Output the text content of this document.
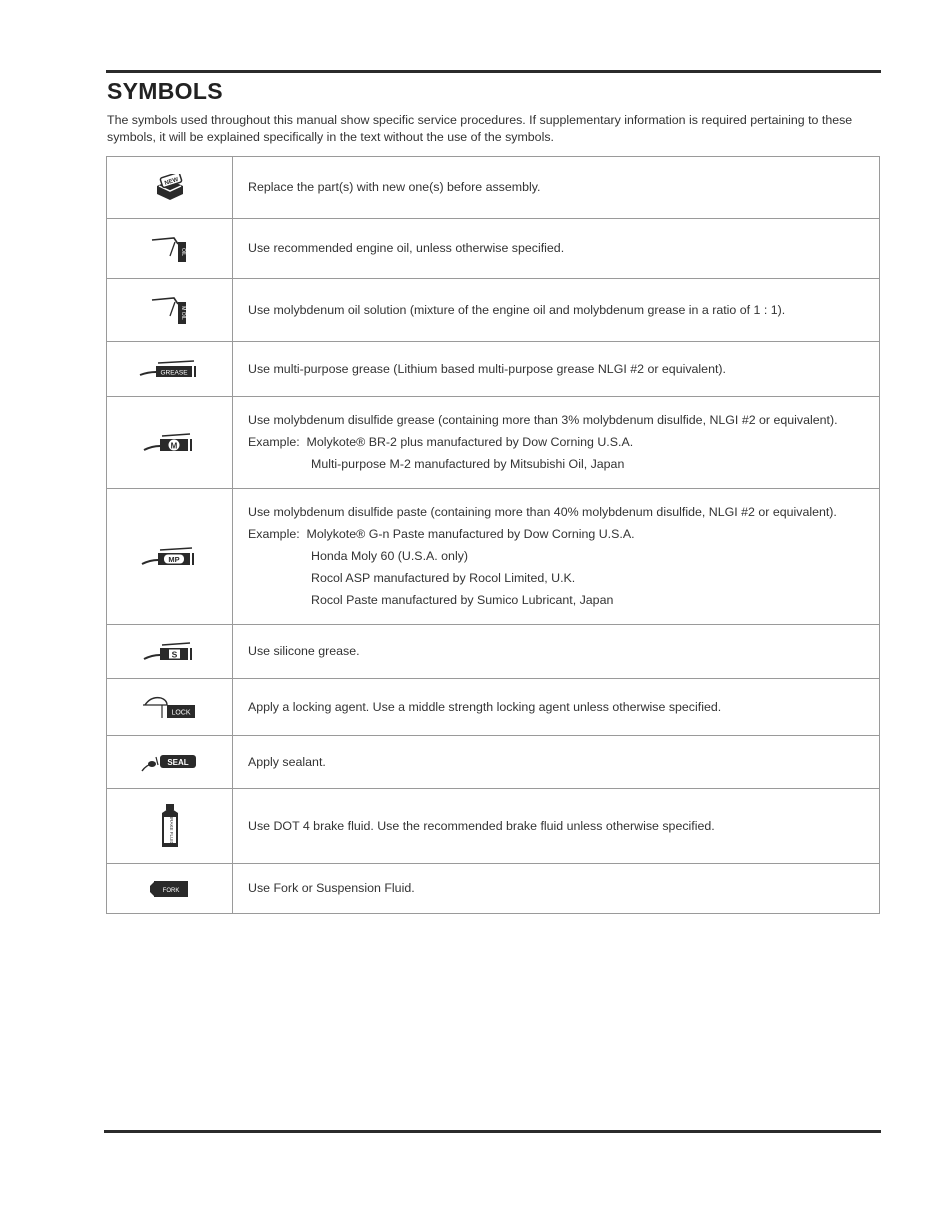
SYMBOLS

The symbols used throughout this manual show specific service procedures. If supplementary information is required pertaining to these symbols, it will be explained specifically in the text without the use of the symbols.

NEW	Replace the part(s) with new one(s) before assembly.

OIL	Use recommended engine oil, unless otherwise specified.

M OIL	Use molybdenum oil solution (mixture of the engine oil and molybdenum grease in a ratio of 1 : 1).

GREASE	Use multi-purpose grease (Lithium based multi-purpose grease NLGI #2 or equivalent).

M	Use molybdenum disulfide grease (containing more than 3% molybdenum disulfide, NLGI #2 or equivalent).

Example: Molykote® BR-2 plus manufactured by Dow Corning U.S.A.

Multi-purpose M-2 manufactured by Mitsubishi Oil, Japan

MP	Use molybdenum disulfide paste (containing more than 40% molybdenum disulfide, NLGI #2 or equivalent).

Example: Molykote® G-n Paste manufactured by Dow Corning U.S.A.

Honda Moly 60 (U.S.A. only)

Rocol ASP manufactured by Rocol Limited, U.K.

Rocol Paste manufactured by Sumico Lubricant, Japan

S	Use silicone grease.

LOCK	Apply a locking agent. Use a middle strength locking agent unless otherwise specified.

SEAL	Apply sealant.

BRAKE FLUID	Use DOT 4 brake fluid. Use the recommended brake fluid unless otherwise specified.

FORK	Use Fork or Suspension Fluid.
